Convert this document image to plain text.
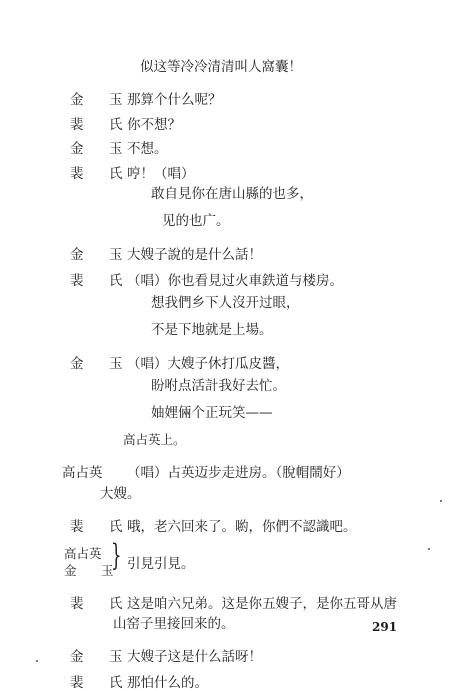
似这等冷冷清清叫人窩囊！
金　玉
那算个什么呢？
裴　氏
你不想？
金　玉
不想。
裴　氏
哼！（唱）
敢自見你在唐山縣的也多，
见的也广。
金　玉
大嫂子說的是什么話！
裴　氏
（唱）你也看見过火車鉄道与楼房。
想我們乡下人沒开过眼，
不是下地就是上場。
金　玉
（唱）大嫂子休打瓜皮醬，
盼咐点活計我好去忙。
妯娌倆个正玩笑——
高占英上。
高占英 （唱）占英迈步走进房。（脫帽鬧好）
大嫂。
裴　氏
哦，老六回来了。喲，你們不認識吧。
高占英
金　玉
} 引見引見。
裴　氏
这是咱六兄弟。这是你五嫂子，是你五哥从唐
山窑子里接回来的。
金　玉
大嫂子这是什么話呀！
裴　氏
那怕什么的。
291
